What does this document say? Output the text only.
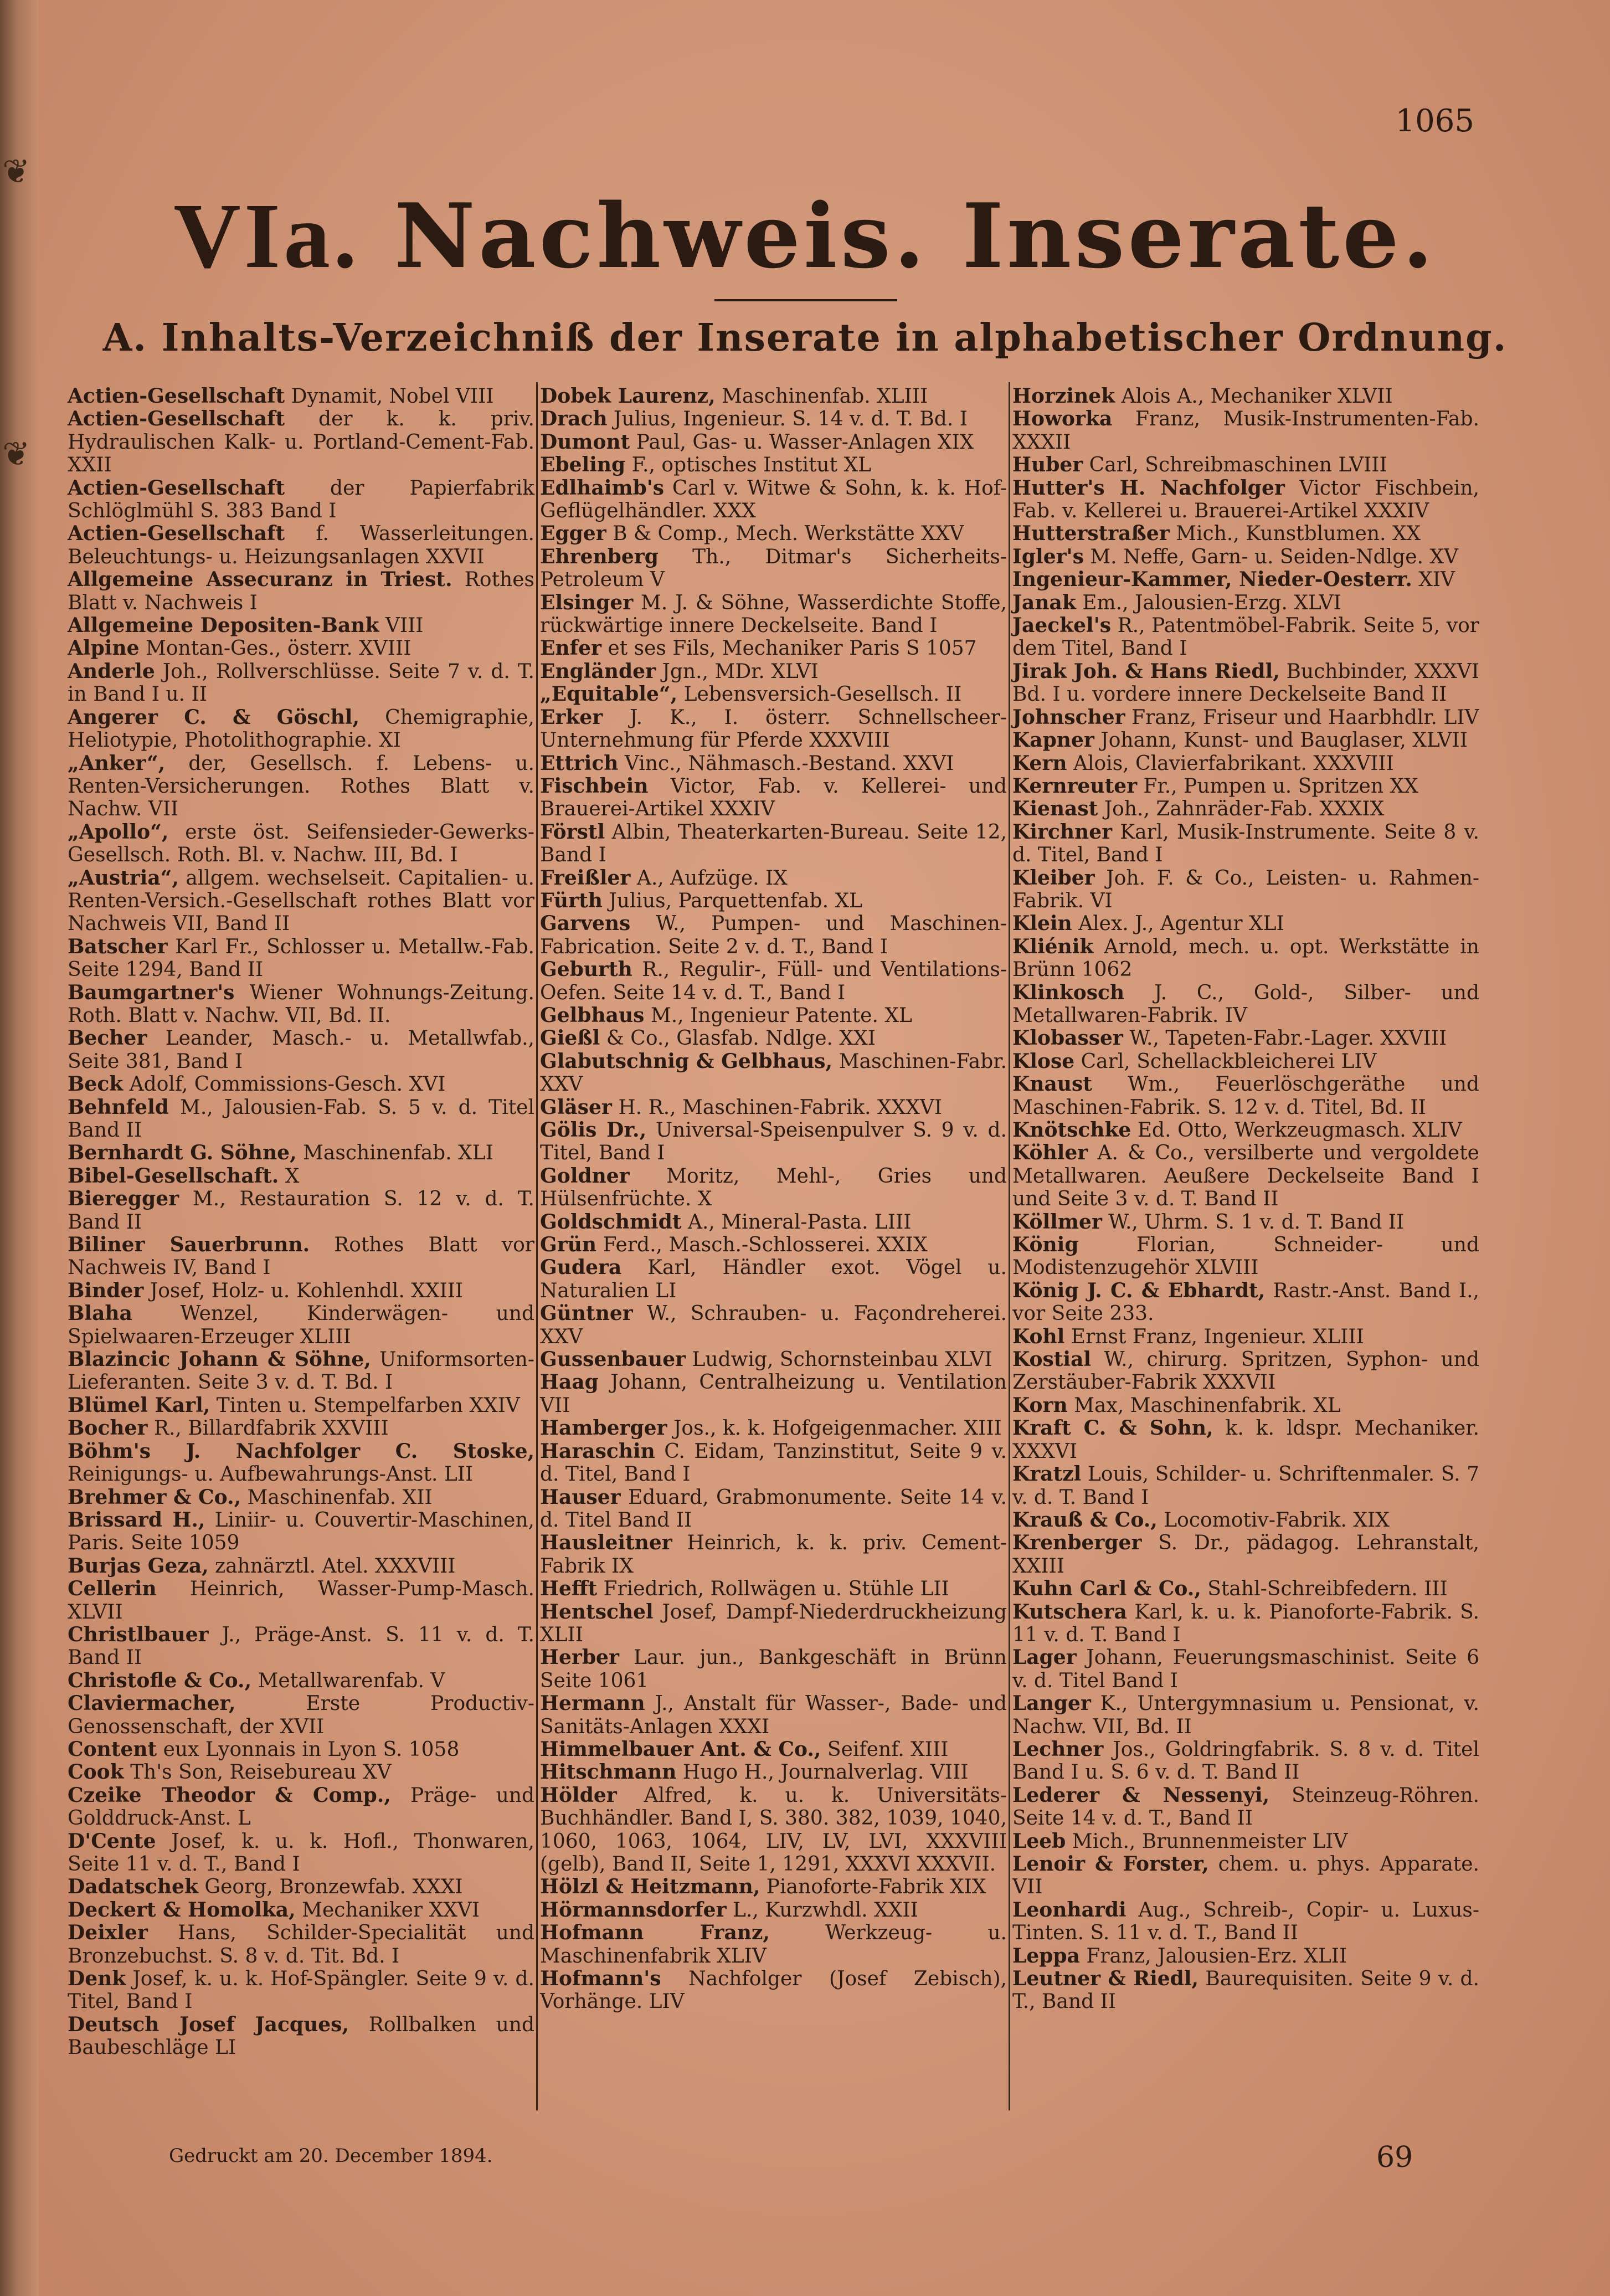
❦
❦
1065
VIa. Nachweis. Inserate.
A. Inhalts-Verzeichniß der Inserate in alphabetischer Ordnung.
Actien-Gesellschaft Dynamit, Nobel VIII
Actien-Gesellschaft der k. k. priv. Hydraulischen Kalk- u. Portland-Cement-Fab. XXII
Actien-Gesellschaft der Papierfabrik Schlöglmühl S. 383 Band I
Actien-Gesellschaft f. Wasserleitungen. Beleuchtungs- u. Heizungsanlagen XXVII
Allgemeine Assecuranz in Triest. Rothes Blatt v. Nachweis I
Allgemeine Depositen-Bank VIII
Alpine Montan-Ges., österr. XVIII
Anderle Joh., Rollverschlüsse. Seite 7 v. d. T. in Band I u. II
Angerer C. & Göschl, Chemigraphie, Heliotypie, Photolithographie. XI
„Anker“, der, Gesellsch. f. Lebens- u. Renten-Versicherungen. Rothes Blatt v. Nachw. VII
„Apollo“, erste öst. Seifensieder-Gewerks-Gesellsch. Roth. Bl. v. Nachw. III, Bd. I
„Austria“, allgem. wechselseit. Capitalien- u. Renten-Versich.-Gesellschaft rothes Blatt vor Nachweis VII, Band II
Batscher Karl Fr., Schlosser u. Metallw.-Fab. Seite 1294, Band II
Baumgartner's Wiener Wohnungs-Zeitung. Roth. Blatt v. Nachw. VII, Bd. II.
Becher Leander, Masch.- u. Metallwfab., Seite 381, Band I
Beck Adolf, Commissions-Gesch. XVI
Behnfeld M., Jalousien-Fab. S. 5 v. d. Titel Band II
Bernhardt G. Söhne, Maschinenfab. XLI
Bibel-Gesellschaft. X
Bieregger M., Restauration S. 12 v. d. T. Band II
Biliner Sauerbrunn. Rothes Blatt vor Nachweis IV, Band I
Binder Josef, Holz- u. Kohlenhdl. XXIII
Blaha Wenzel, Kinderwägen- und Spielwaaren-Erzeuger XLIII
Blazincic Johann & Söhne, Uniformsorten-Lieferanten. Seite 3 v. d. T. Bd. I
Blümel Karl, Tinten u. Stempelfarben XXIV
Bocher R., Billardfabrik XXVIII
Böhm's J. Nachfolger C. Stoske, Reinigungs- u. Aufbewahrungs-Anst. LII
Brehmer & Co., Maschinenfab. XII
Brissard H., Liniir- u. Couvertir-Maschinen, Paris. Seite 1059
Burjas Geza, zahnärztl. Atel. XXXVIII
Cellerin Heinrich, Wasser-Pump-Masch. XLVII
Christlbauer J., Präge-Anst. S. 11 v. d. T. Band II
Christofle & Co., Metallwarenfab. V
Claviermacher, Erste Productiv-Genossenschaft, der XVII
Content eux Lyonnais in Lyon S. 1058
Cook Th's Son, Reisebureau XV
Czeike Theodor & Comp., Präge- und Golddruck-Anst. L
D'Cente Josef, k. u. k. Hofl., Thonwaren, Seite 11 v. d. T., Band I
Dadatschek Georg, Bronzewfab. XXXI
Deckert & Homolka, Mechaniker XXVI
Deixler Hans, Schilder-Specialität und Bronzebuchst. S. 8 v. d. Tit. Bd. I
Denk Josef, k. u. k. Hof-Spängler. Seite 9 v. d. Titel, Band I
Deutsch Josef Jacques, Rollbalken und Baubeschläge LI
Dobek Laurenz, Maschinenfab. XLIII
Drach Julius, Ingenieur. S. 14 v. d. T. Bd. I
Dumont Paul, Gas- u. Wasser-Anlagen XIX
Ebeling F., optisches Institut XL
Edlhaimb's Carl v. Witwe & Sohn, k. k. Hof-Geflügelhändler. XXX
Egger B & Comp., Mech. Werkstätte XXV
Ehrenberg Th., Ditmar's Sicherheits-Petroleum V
Elsinger M. J. & Söhne, Wasserdichte Stoffe, rückwärtige innere Deckelseite. Band I
Enfer et ses Fils, Mechaniker Paris S 1057
Engländer Jgn., MDr. XLVI
„Equitable“, Lebensversich-Gesellsch. II
Erker J. K., I. österr. Schnellscheer-Unternehmung für Pferde XXXVIII
Ettrich Vinc., Nähmasch.-Bestand. XXVI
Fischbein Victor, Fab. v. Kellerei- und Brauerei-Artikel XXXIV
Förstl Albin, Theaterkarten-Bureau. Seite 12, Band I
Freißler A., Aufzüge. IX
Fürth Julius, Parquettenfab. XL
Garvens W., Pumpen- und Maschinen-Fabrication. Seite 2 v. d. T., Band I
Geburth R., Regulir-, Füll- und Ventilations-Oefen. Seite 14 v. d. T., Band I
Gelbhaus M., Ingenieur Patente. XL
Gießl & Co., Glasfab. Ndlge. XXI
Glabutschnig & Gelbhaus, Maschinen-Fabr. XXV
Gläser H. R., Maschinen-Fabrik. XXXVI
Gölis Dr., Universal-Speisenpulver S. 9 v. d. Titel, Band I
Goldner Moritz, Mehl-, Gries und Hülsenfrüchte. X
Goldschmidt A., Mineral-Pasta. LIII
Grün Ferd., Masch.-Schlosserei. XXIX
Gudera Karl, Händler exot. Vögel u. Naturalien LI
Güntner W., Schrauben- u. Façondreherei. XXV
Gussenbauer Ludwig, Schornsteinbau XLVI
Haag Johann, Centralheizung u. Ventilation VII
Hamberger Jos., k. k. Hofgeigenmacher. XIII
Haraschin C. Eidam, Tanzinstitut, Seite 9 v. d. Titel, Band I
Hauser Eduard, Grabmonumente. Seite 14 v. d. Titel Band II
Hausleitner Heinrich, k. k. priv. Cement-Fabrik IX
Hefft Friedrich, Rollwägen u. Stühle LII
Hentschel Josef, Dampf-Niederdruckheizung XLII
Herber Laur. jun., Bankgeschäft in Brünn Seite 1061
Hermann J., Anstalt für Wasser-, Bade- und Sanitäts-Anlagen XXXI
Himmelbauer Ant. & Co., Seifenf. XIII
Hitschmann Hugo H., Journalverlag. VIII
Hölder Alfred, k. u. k. Universitäts-Buchhändler. Band I, S. 380. 382, 1039, 1040, 1060, 1063, 1064, LIV, LV, LVI, XXXVIII (gelb), Band II, Seite 1, 1291, XXXVI XXXVII.
Hölzl & Heitzmann, Pianoforte-Fabrik XIX
Hörmannsdorfer L., Kurzwhdl. XXII
Hofmann Franz, Werkzeug- u. Maschinenfabrik XLIV
Hofmann's Nachfolger (Josef Zebisch), Vorhänge. LIV
Horzinek Alois A., Mechaniker XLVII
Howorka Franz, Musik-Instrumenten-Fab. XXXII
Huber Carl, Schreibmaschinen LVIII
Hutter's H. Nachfolger Victor Fischbein, Fab. v. Kellerei u. Brauerei-Artikel XXXIV
Hutterstraßer Mich., Kunstblumen. XX
Igler's M. Neffe, Garn- u. Seiden-Ndlge. XV
Ingenieur-Kammer, Nieder-Oesterr. XIV
Janak Em., Jalousien-Erzg. XLVI
Jaeckel's R., Patentmöbel-Fabrik. Seite 5, vor dem Titel, Band I
Jirak Joh. & Hans Riedl, Buchbinder, XXXVI Bd. I u. vordere innere Deckelseite Band II
Johnscher Franz, Friseur und Haarbhdlr. LIV
Kapner Johann, Kunst- und Bauglaser, XLVII
Kern Alois, Clavierfabrikant. XXXVIII
Kernreuter Fr., Pumpen u. Spritzen XX
Kienast Joh., Zahnräder-Fab. XXXIX
Kirchner Karl, Musik-Instrumente. Seite 8 v. d. Titel, Band I
Kleiber Joh. F. & Co., Leisten- u. Rahmen-Fabrik. VI
Klein Alex. J., Agentur XLI
Kliénik Arnold, mech. u. opt. Werkstätte in Brünn 1062
Klinkosch J. C., Gold-, Silber- und Metallwaren-Fabrik. IV
Klobasser W., Tapeten-Fabr.-Lager. XXVIII
Klose Carl, Schellackbleicherei LIV
Knaust Wm., Feuerlöschgeräthe und Maschinen-Fabrik. S. 12 v. d. Titel, Bd. II
Knötschke Ed. Otto, Werkzeugmasch. XLIV
Köhler A. & Co., versilberte und vergoldete Metallwaren. Aeußere Deckelseite Band I und Seite 3 v. d. T. Band II
Köllmer W., Uhrm. S. 1 v. d. T. Band II
König Florian, Schneider- und Modistenzugehör XLVIII
König J. C. & Ebhardt, Rastr.-Anst. Band I., vor Seite 233.
Kohl Ernst Franz, Ingenieur. XLIII
Kostial W., chirurg. Spritzen, Syphon- und Zerstäuber-Fabrik XXXVII
Korn Max, Maschinenfabrik. XL
Kraft C. & Sohn, k. k. ldspr. Mechaniker. XXXVI
Kratzl Louis, Schilder- u. Schriftenmaler. S. 7 v. d. T. Band I
Krauß & Co., Locomotiv-Fabrik. XIX
Krenberger S. Dr., pädagog. Lehranstalt, XXIII
Kuhn Carl & Co., Stahl-Schreibfedern. III
Kutschera Karl, k. u. k. Pianoforte-Fabrik. S. 11 v. d. T. Band I
Lager Johann, Feuerungsmaschinist. Seite 6 v. d. Titel Band I
Langer K., Untergymnasium u. Pensionat, v. Nachw. VII, Bd. II
Lechner Jos., Goldringfabrik. S. 8 v. d. Titel Band I u. S. 6 v. d. T. Band II
Lederer & Nessenyi, Steinzeug-Röhren. Seite 14 v. d. T., Band II
Leeb Mich., Brunnenmeister LIV
Lenoir & Forster, chem. u. phys. Apparate. VII
Leonhardi Aug., Schreib-, Copir- u. Luxus-Tinten. S. 11 v. d. T., Band II
Leppa Franz, Jalousien-Erz. XLII
Leutner & Riedl, Baurequisiten. Seite 9 v. d. T., Band II
Gedruckt am 20. December 1894.	69
